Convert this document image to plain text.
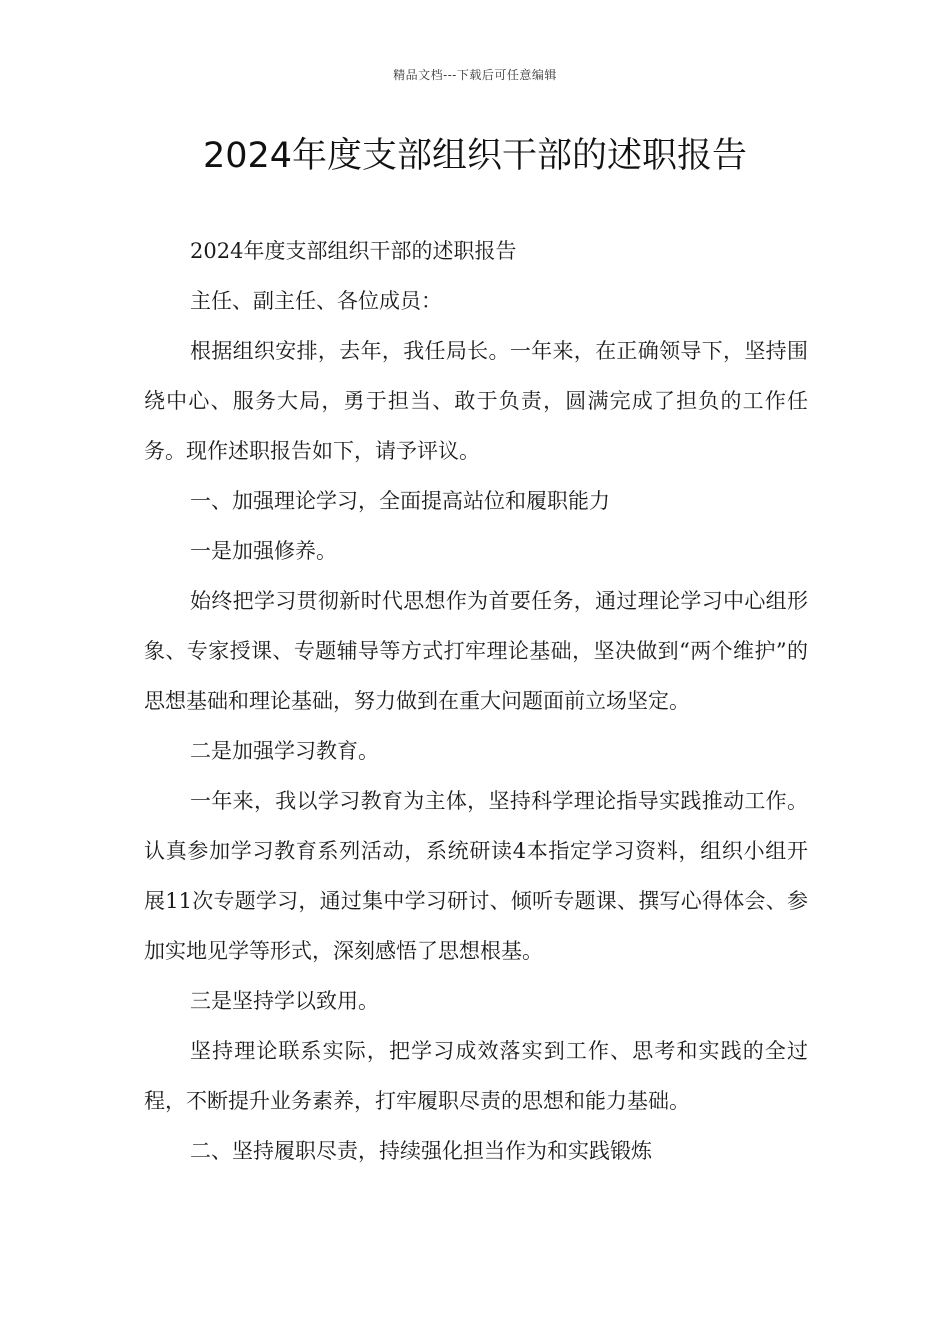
精品文档---下载后可任意编辑
2024年度支部组织干部的述职报告

2024年度支部组织干部的述职报告

主任、副主任、各位成员：

根据组织安排，去年，我任局长。一年来，在正确领导下，坚持围绕中心、服务大局，勇于担当、敢于负责，圆满完成了担负的工作任务。现作述职报告如下，请予评议。

一、加强理论学习，全面提高站位和履职能力

一是加强修养。

始终把学习贯彻新时代思想作为首要任务，通过理论学习中心组形象、专家授课、专题辅导等方式打牢理论基础，坚决做到“两个维护”的思想基础和理论基础，努力做到在重大问题面前立场坚定。

二是加强学习教育。

一年来，我以学习教育为主体，坚持科学理论指导实践推动工作。认真参加学习教育系列活动，系统研读4本指定学习资料，组织小组开展11次专题学习，通过集中学习研讨、倾听专题课、撰写心得体会、参加实地见学等形式，深刻感悟了思想根基。

三是坚持学以致用。

坚持理论联系实际，把学习成效落实到工作、思考和实践的全过程，不断提升业务素养，打牢履职尽责的思想和能力基础。

二、坚持履职尽责，持续强化担当作为和实践锻炼
